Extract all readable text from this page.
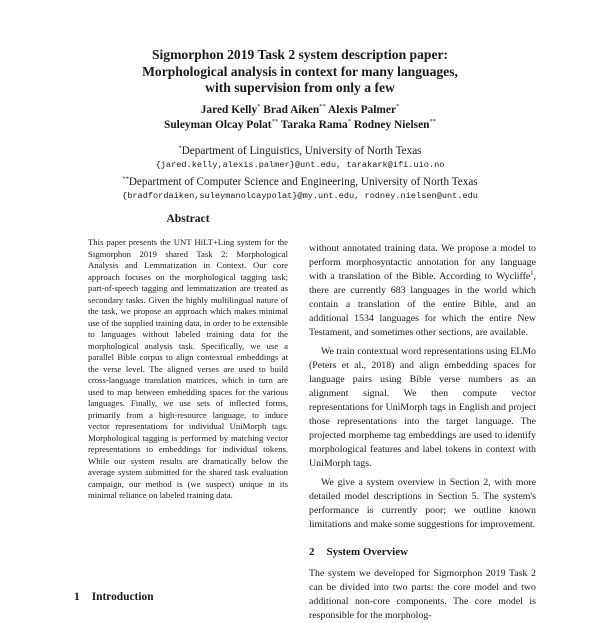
Sigmorphon 2019 Task 2 system description paper:
Morphological analysis in context for many languages,
with supervision from only a few
Jared Kelly* Brad Aiken** Alexis Palmer*
Suleyman Olcay Polat** Taraka Rama* Rodney Nielsen**
*Department of Linguistics, University of North Texas
{jared.kelly,alexis.palmer}@unt.edu, tarakark@ifi.uio.no
**Department of Computer Science and Engineering, University of North Texas
{bradfordaiken,suleymanolcaypolat}@my.unt.edu, rodney.nielsen@unt.edu
Abstract

This paper presents the UNT HiLT+Ling system for the Sigmorphon 2019 shared Task 2: Morphological Analysis and Lemmatization in Context. Our core approach focuses on the morphological tagging task; part-of-speech tagging and lemmatization are treated as secondary tasks. Given the highly multilingual nature of the task, we propose an approach which makes minimal use of the supplied training data, in order to be extensible to languages without labeled training data for the morphological analysis task. Specifically, we use a parallel Bible corpus to align contextual embeddings at the verse level. The aligned verses are used to build cross-language translation matrices, which in turn are used to map between embedding spaces for the various languages. Finally, we use sets of inflected forms, primarily from a high-resource language, to induce vector representations for individual UniMorph tags. Morphological tagging is performed by matching vector representations to embeddings for individual tokens. While our system results are dramatically below the average system submitted for the shared task evaluation campaign, our method is (we suspect) unique in its minimal reliance on labeled training data.

1 Introduction

without annotated training data. We propose a model to perform morphosyntactic annotation for any language with a translation of the Bible. According to Wycliffe$^1$, there are currently 683 languages in the world which contain a translation of the entire Bible, and an additional 1534 languages for which the entire New Testament, and sometimes other sections, are available.

We train contextual word representations using ELMo (Peters et al., 2018) and align embedding spaces for language pairs using Bible verse numbers as an alignment signal. We then compute vector representations for UniMorph tags in English and project those representations into the target language. The projected morpheme tag embeddings are used to identify morphological features and label tokens in context with UniMorph tags.

We give a system overview in Section 2, with more detailed model descriptions in Section 5. The system's performance is currently poor; we outline known limitations and make some suggestions for improvement.

2 System Overview

The system we developed for Sigmorphon 2019 Task 2 can be divided into two parts: the core model and two additional non-core components. The core model is responsible for the morpholog-
